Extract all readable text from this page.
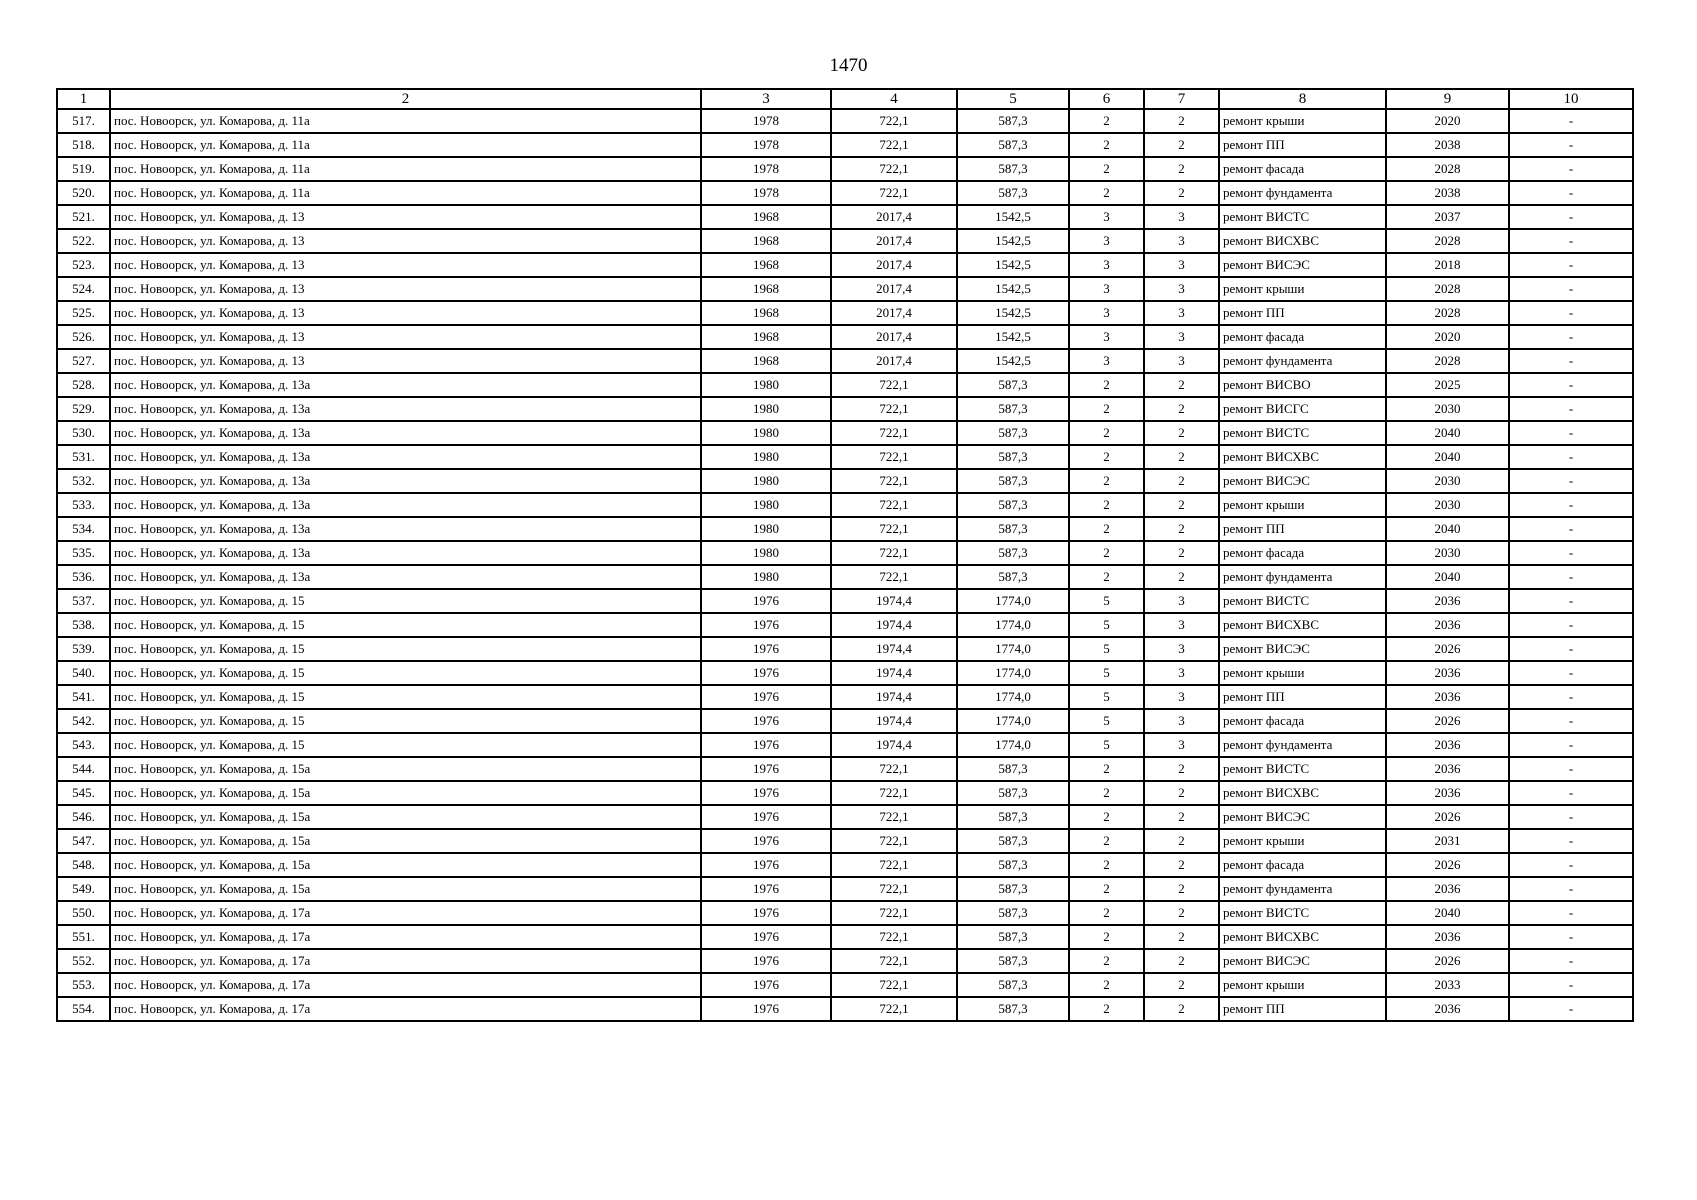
1470
1	2	3	4	5	6	7	8	9	10
517.	пос. Новоорск, ул. Комарова, д. 11а	1978	722,1	587,3	2	2	ремонт крыши	2020	-
518.	пос. Новоорск, ул. Комарова, д. 11а	1978	722,1	587,3	2	2	ремонт ПП	2038	-
519.	пос. Новоорск, ул. Комарова, д. 11а	1978	722,1	587,3	2	2	ремонт фасада	2028	-
520.	пос. Новоорск, ул. Комарова, д. 11а	1978	722,1	587,3	2	2	ремонт фундамента	2038	-
521.	пос. Новоорск, ул. Комарова, д. 13	1968	2017,4	1542,5	3	3	ремонт ВИСТС	2037	-
522.	пос. Новоорск, ул. Комарова, д. 13	1968	2017,4	1542,5	3	3	ремонт ВИСХВС	2028	-
523.	пос. Новоорск, ул. Комарова, д. 13	1968	2017,4	1542,5	3	3	ремонт ВИСЭС	2018	-
524.	пос. Новоорск, ул. Комарова, д. 13	1968	2017,4	1542,5	3	3	ремонт крыши	2028	-
525.	пос. Новоорск, ул. Комарова, д. 13	1968	2017,4	1542,5	3	3	ремонт ПП	2028	-
526.	пос. Новоорск, ул. Комарова, д. 13	1968	2017,4	1542,5	3	3	ремонт фасада	2020	-
527.	пос. Новоорск, ул. Комарова, д. 13	1968	2017,4	1542,5	3	3	ремонт фундамента	2028	-
528.	пос. Новоорск, ул. Комарова, д. 13а	1980	722,1	587,3	2	2	ремонт ВИСВО	2025	-
529.	пос. Новоорск, ул. Комарова, д. 13а	1980	722,1	587,3	2	2	ремонт ВИСГС	2030	-
530.	пос. Новоорск, ул. Комарова, д. 13а	1980	722,1	587,3	2	2	ремонт ВИСТС	2040	-
531.	пос. Новоорск, ул. Комарова, д. 13а	1980	722,1	587,3	2	2	ремонт ВИСХВС	2040	-
532.	пос. Новоорск, ул. Комарова, д. 13а	1980	722,1	587,3	2	2	ремонт ВИСЭС	2030	-
533.	пос. Новоорск, ул. Комарова, д. 13а	1980	722,1	587,3	2	2	ремонт крыши	2030	-
534.	пос. Новоорск, ул. Комарова, д. 13а	1980	722,1	587,3	2	2	ремонт ПП	2040	-
535.	пос. Новоорск, ул. Комарова, д. 13а	1980	722,1	587,3	2	2	ремонт фасада	2030	-
536.	пос. Новоорск, ул. Комарова, д. 13а	1980	722,1	587,3	2	2	ремонт фундамента	2040	-
537.	пос. Новоорск, ул. Комарова, д. 15	1976	1974,4	1774,0	5	3	ремонт ВИСТС	2036	-
538.	пос. Новоорск, ул. Комарова, д. 15	1976	1974,4	1774,0	5	3	ремонт ВИСХВС	2036	-
539.	пос. Новоорск, ул. Комарова, д. 15	1976	1974,4	1774,0	5	3	ремонт ВИСЭС	2026	-
540.	пос. Новоорск, ул. Комарова, д. 15	1976	1974,4	1774,0	5	3	ремонт крыши	2036	-
541.	пос. Новоорск, ул. Комарова, д. 15	1976	1974,4	1774,0	5	3	ремонт ПП	2036	-
542.	пос. Новоорск, ул. Комарова, д. 15	1976	1974,4	1774,0	5	3	ремонт фасада	2026	-
543.	пос. Новоорск, ул. Комарова, д. 15	1976	1974,4	1774,0	5	3	ремонт фундамента	2036	-
544.	пос. Новоорск, ул. Комарова, д. 15а	1976	722,1	587,3	2	2	ремонт ВИСТС	2036	-
545.	пос. Новоорск, ул. Комарова, д. 15а	1976	722,1	587,3	2	2	ремонт ВИСХВС	2036	-
546.	пос. Новоорск, ул. Комарова, д. 15а	1976	722,1	587,3	2	2	ремонт ВИСЭС	2026	-
547.	пос. Новоорск, ул. Комарова, д. 15а	1976	722,1	587,3	2	2	ремонт крыши	2031	-
548.	пос. Новоорск, ул. Комарова, д. 15а	1976	722,1	587,3	2	2	ремонт фасада	2026	-
549.	пос. Новоорск, ул. Комарова, д. 15а	1976	722,1	587,3	2	2	ремонт фундамента	2036	-
550.	пос. Новоорск, ул. Комарова, д. 17а	1976	722,1	587,3	2	2	ремонт ВИСТС	2040	-
551.	пос. Новоорск, ул. Комарова, д. 17а	1976	722,1	587,3	2	2	ремонт ВИСХВС	2036	-
552.	пос. Новоорск, ул. Комарова, д. 17а	1976	722,1	587,3	2	2	ремонт ВИСЭС	2026	-
553.	пос. Новоорск, ул. Комарова, д. 17а	1976	722,1	587,3	2	2	ремонт крыши	2033	-
554.	пос. Новоорск, ул. Комарова, д. 17а	1976	722,1	587,3	2	2	ремонт ПП	2036	-
